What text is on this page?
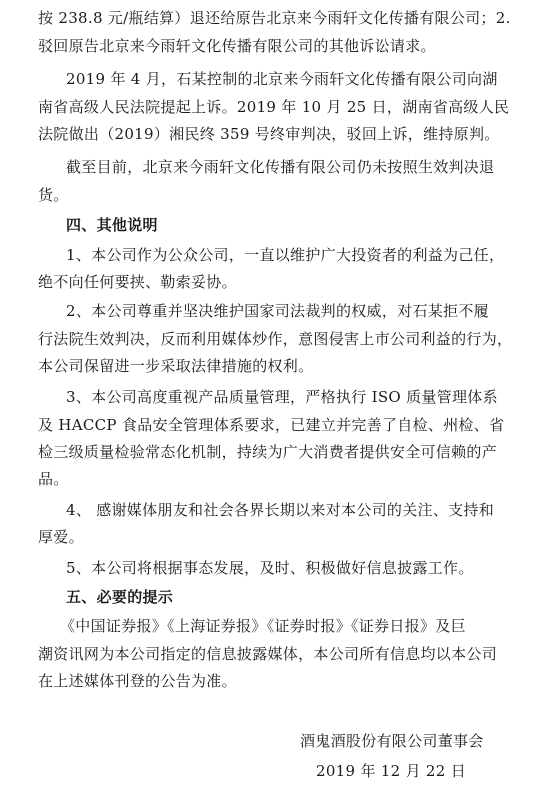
按 238.8 元/瓶结算）退还给原告北京来今雨轩文化传播有限公司；2.
驳回原告北京来今雨轩文化传播有限公司的其他诉讼请求。
2019 年 4 月，石某控制的北京来今雨轩文化传播有限公司向湖
南省高级人民法院提起上诉。2019 年 10 月 25 日，湖南省高级人民
法院做出（2019）湘民终 359 号终审判决，驳回上诉，维持原判。
截至目前，北京来今雨轩文化传播有限公司仍未按照生效判决退
货。
四、其他说明
1、本公司作为公众公司，一直以维护广大投资者的利益为己任，
绝不向任何要挟、勒索妥协。
2、本公司尊重并坚决维护国家司法裁判的权威，对石某拒不履
行法院生效判决，反而利用媒体炒作，意图侵害上市公司利益的行为，
本公司保留进一步采取法律措施的权利。
3、本公司高度重视产品质量管理，严格执行 ISO 质量管理体系
及 HACCP 食品安全管理体系要求，已建立并完善了自检、州检、省
检三级质量检验常态化机制，持续为广大消费者提供安全可信赖的产
品。
4、 感谢媒体朋友和社会各界长期以来对本公司的关注、支持和
厚爱。
5、本公司将根据事态发展，及时、积极做好信息披露工作。
五、必要的提示
《中国证券报》《上海证券报》《证券时报》《证券日报》及巨
潮资讯网为本公司指定的信息披露媒体，本公司所有信息均以本公司
在上述媒体刊登的公告为准。
酒鬼酒股份有限公司董事会
2019 年 12 月 22 日
